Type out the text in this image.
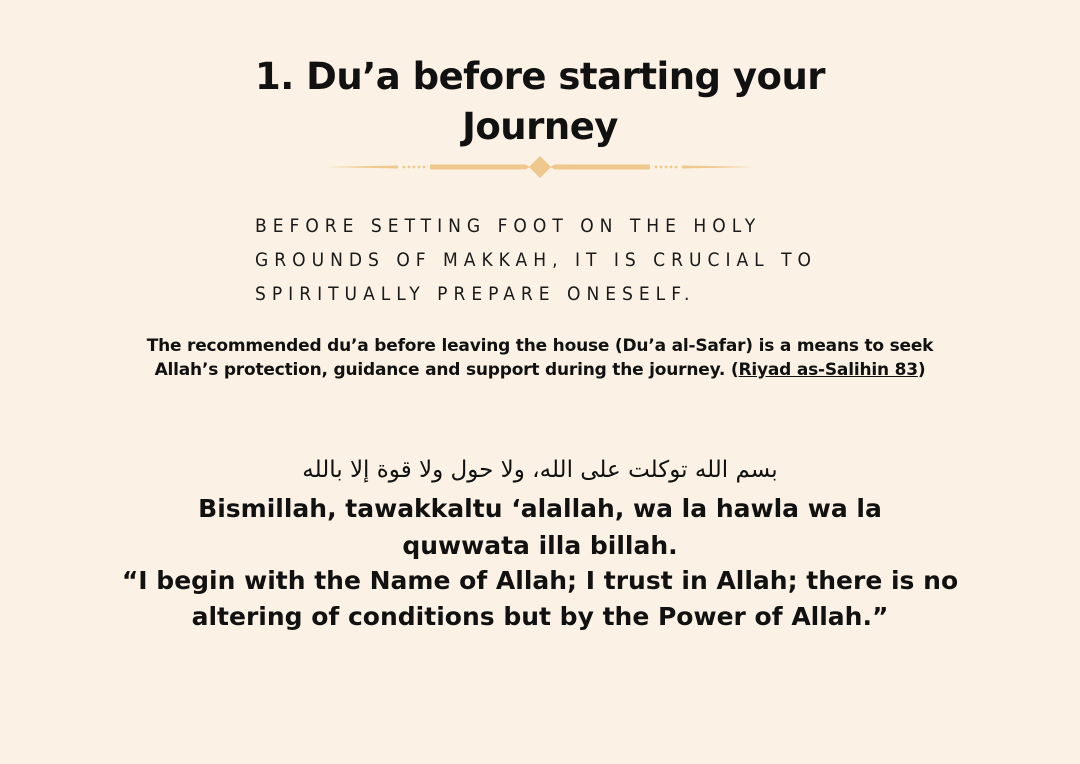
1. Du’a before starting your
Journey
BEFORE SETTING FOOT ON THE HOLY GROUNDS OF MAKKAH, IT IS CRUCIAL TO SPIRITUALLY PREPARE ONESELF.
The recommended du’a before leaving the house (Du’a al-Safar) is a means to seek
Allah’s protection, guidance and support during the journey. (Riyad as-Salihin 83)
بسم الله توكلت على الله، ولا حول ولا قوة إلا بالله
Bismillah, tawakkaltu ‘alallah, wa la hawla wa la
quwwata illa billah.
“I begin with the Name of Allah; I trust in Allah; there is no
altering of conditions but by the Power of Allah.”
